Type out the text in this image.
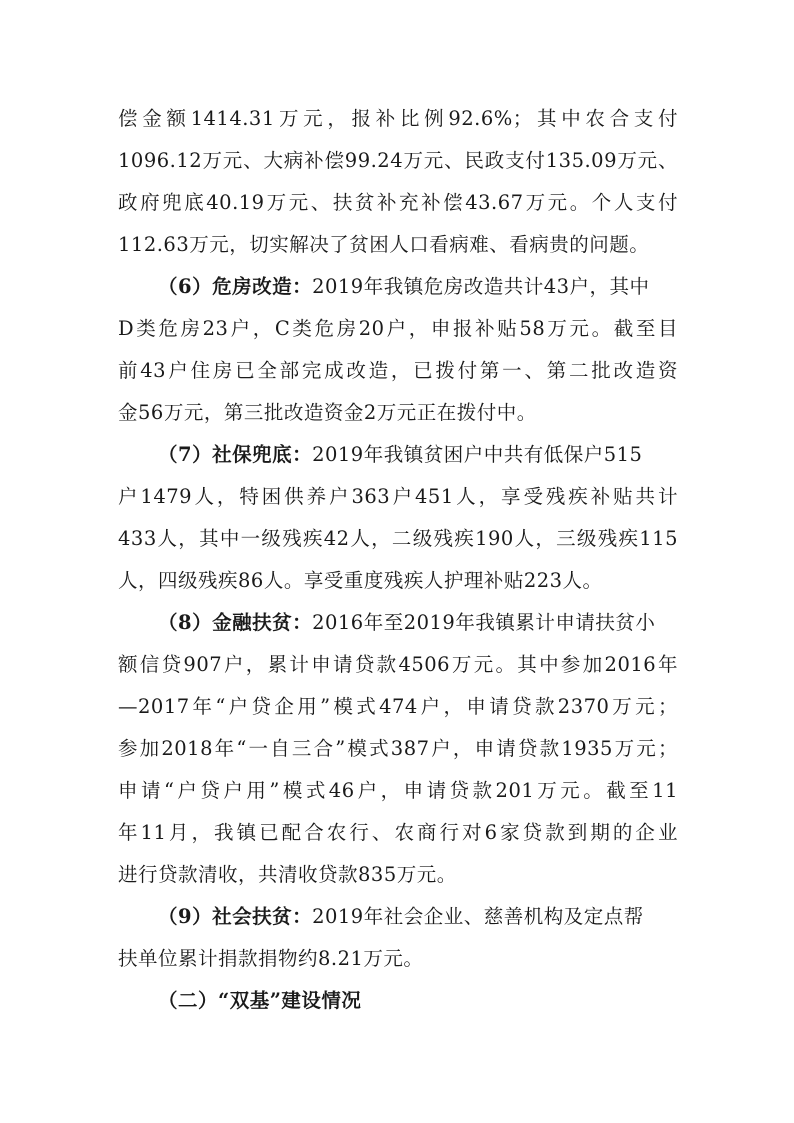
偿金额1414.31万元，报补比例92.6%；其中农合支付
1096.12万元、大病补偿99.24万元、民政支付135.09万元、
政府兜底40.19万元、扶贫补充补偿43.67万元。个人支付
112.63万元，切实解决了贫困人口看病难、看病贵的问题。
（6）危房改造：2019年我镇危房改造共计43户，其中
D类危房23户，C类危房20户，申报补贴58万元。截至目
前43户住房已全部完成改造，已拨付第一、第二批改造资
金56万元，第三批改造资金2万元正在拨付中。
（7）社保兜底：2019年我镇贫困户中共有低保户515
户1479人，特困供养户363户451人，享受残疾补贴共计
433人，其中一级残疾42人，二级残疾190人，三级残疾115
人，四级残疾86人。享受重度残疾人护理补贴223人。
（8）金融扶贫：2016年至2019年我镇累计申请扶贫小
额信贷907户，累计申请贷款4506万元。其中参加2016年
—2017年“户贷企用”模式474户，申请贷款2370万元；
参加2018年“一自三合”模式387户，申请贷款1935万元；
申请“户贷户用”模式46户，申请贷款201万元。截至11
年11月，我镇已配合农行、农商行对6家贷款到期的企业
进行贷款清收，共清收贷款835万元。
（9）社会扶贫：2019年社会企业、慈善机构及定点帮
扶单位累计捐款捐物约8.21万元。
（二）“双基”建设情况
